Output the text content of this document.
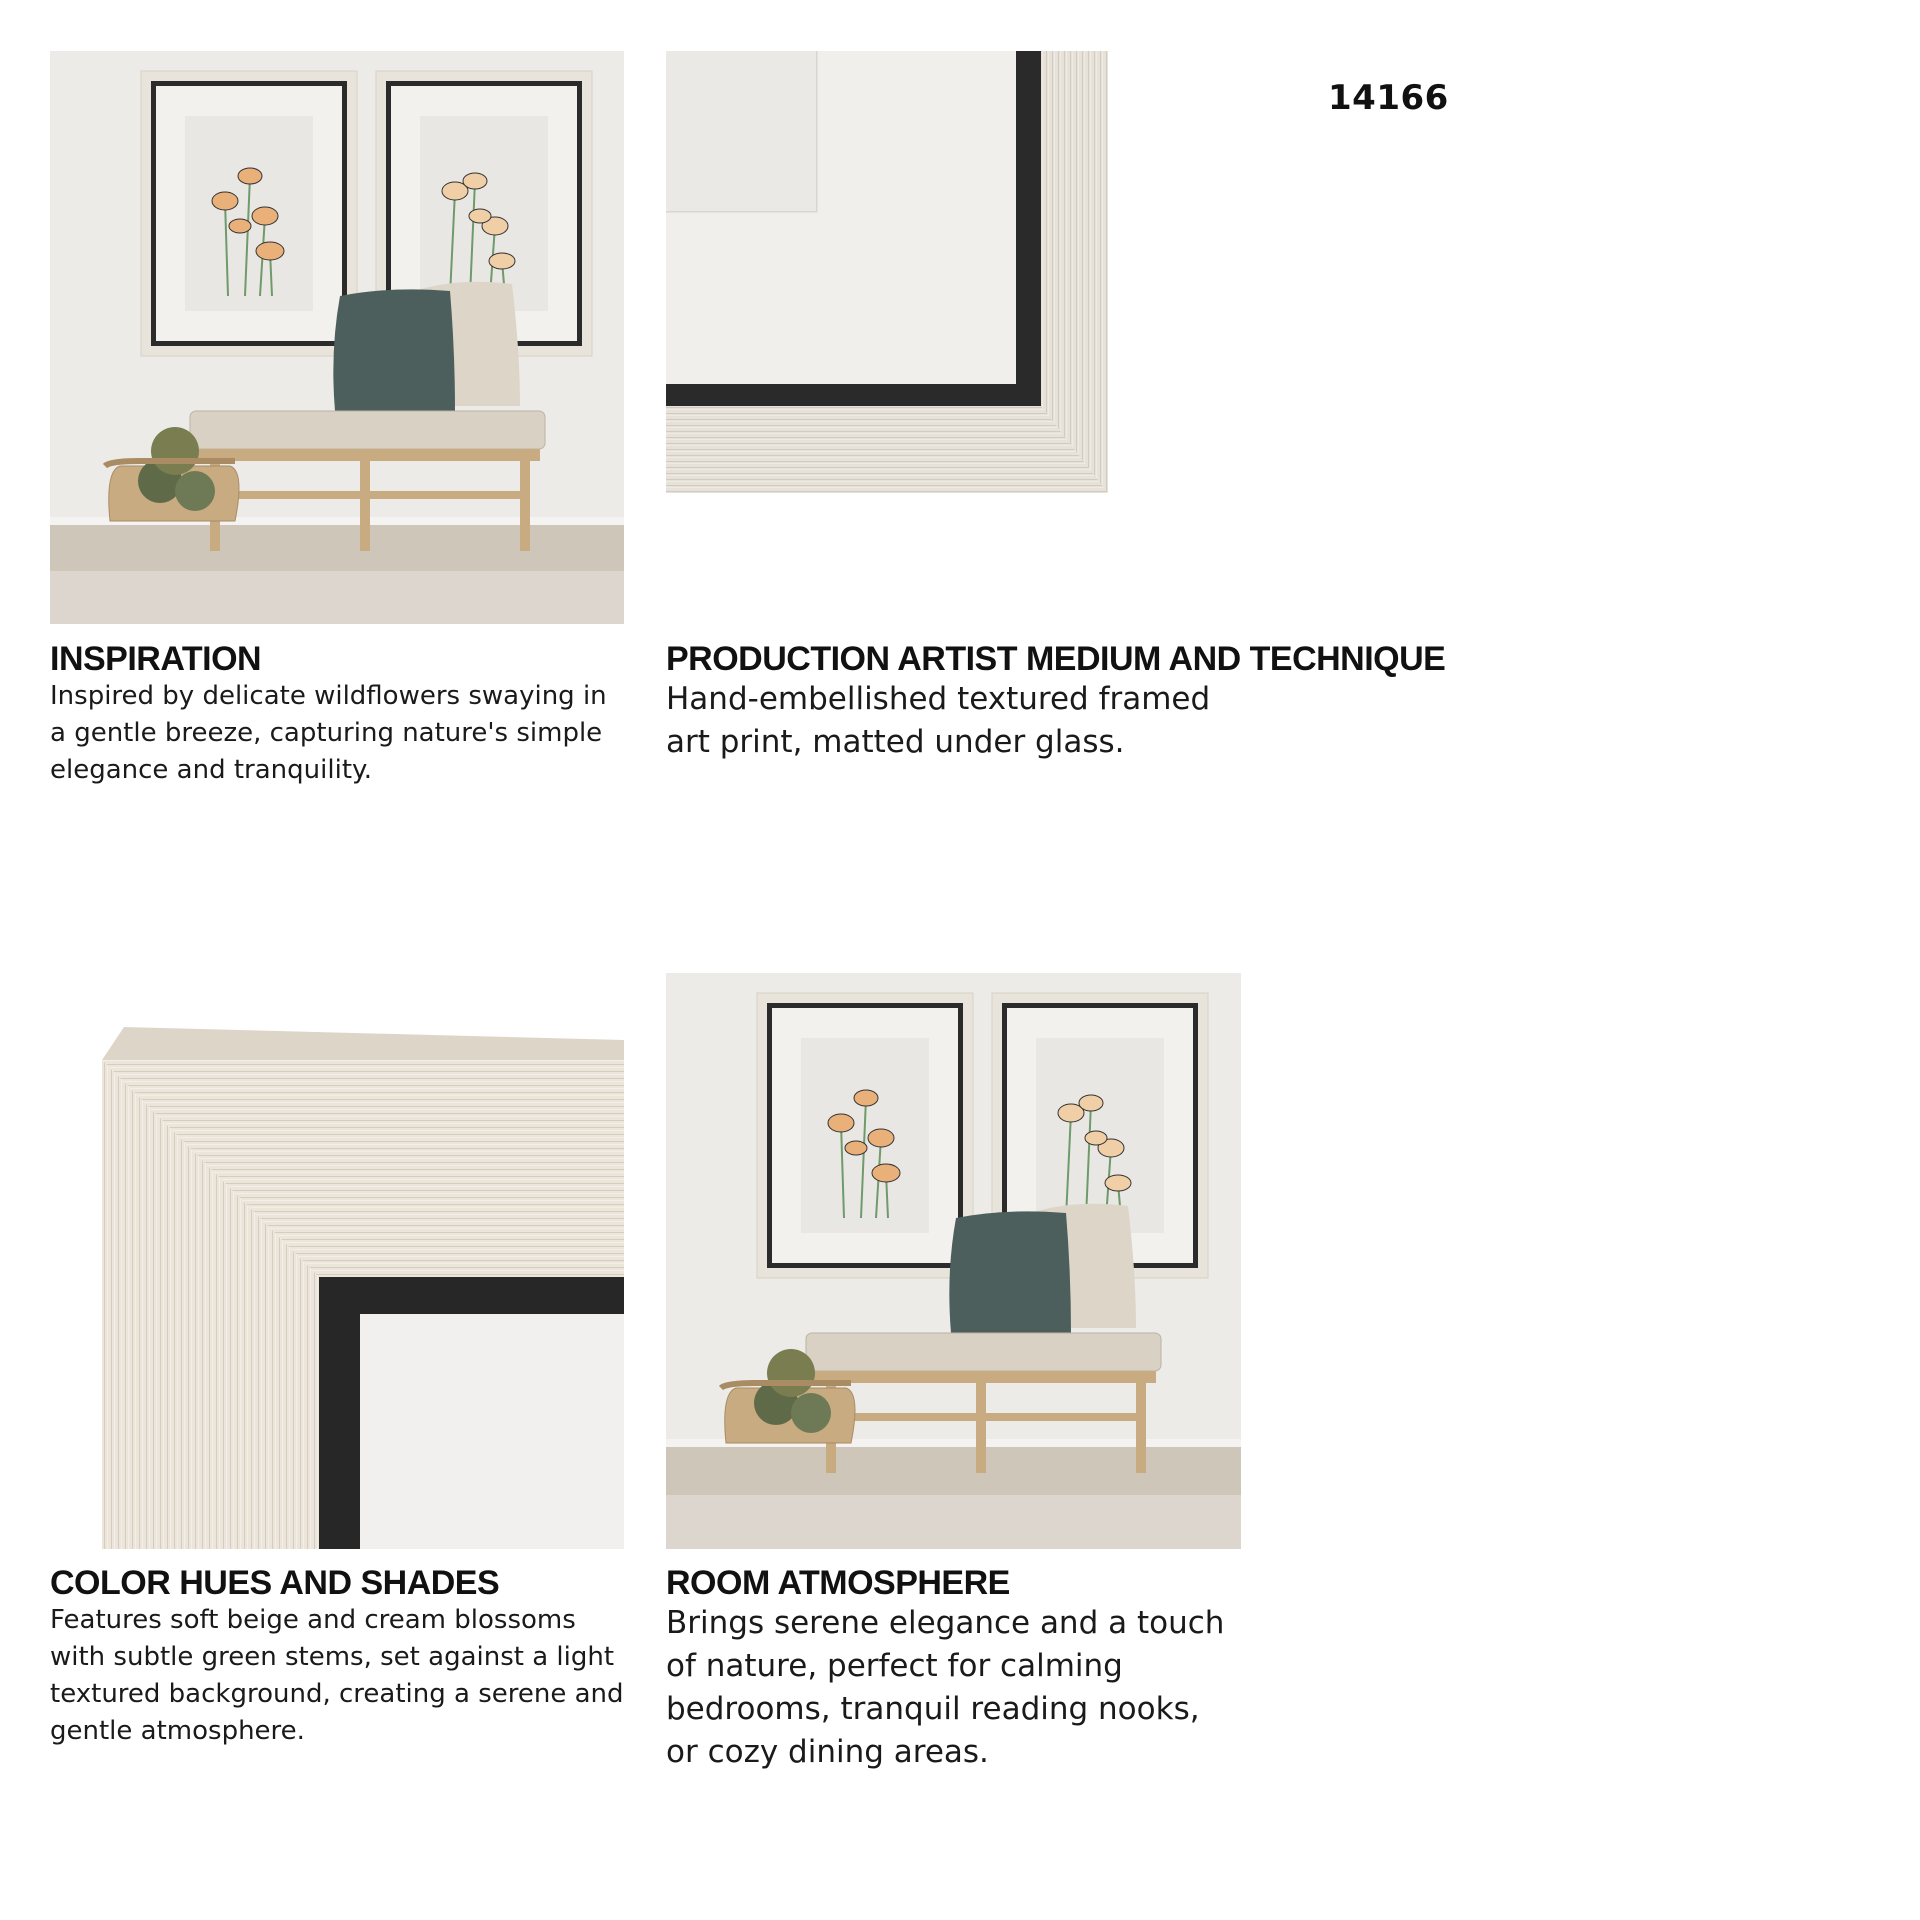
14166
INSPIRATION
Inspired by delicate wildflowers swaying in a gentle breeze, capturing nature's simple elegance and tranquility.
PRODUCTION ARTIST MEDIUM AND TECHNIQUE
Hand-embellished textured framed art print, matted under glass.
COLOR HUES AND SHADES
Features soft beige and cream blossoms with subtle green stems, set against a light textured background, creating a serene and gentle atmosphere.
ROOM ATMOSPHERE
Brings serene elegance and a touch of nature, perfect for calming bedrooms, tranquil reading nooks, or cozy dining areas.
